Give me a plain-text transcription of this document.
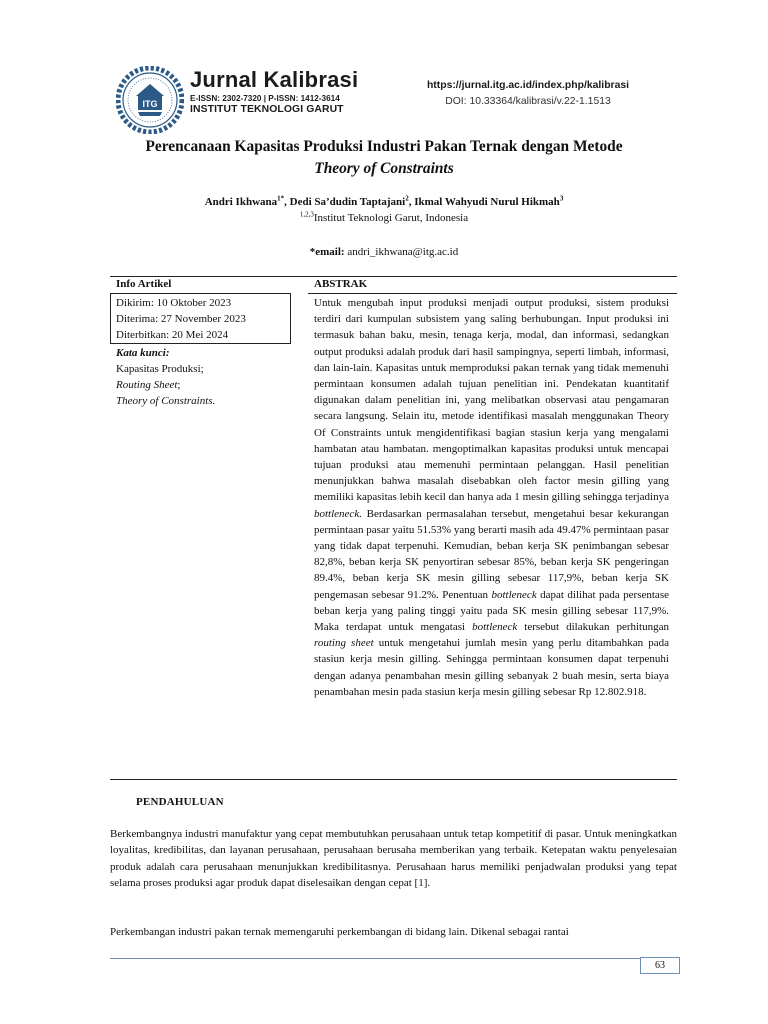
ITG
Jurnal Kalibrasi
E-ISSN: 2302-7320 | P-ISSN: 1412-3614
INSTITUT TEKNOLOGI GARUT
https://jurnal.itg.ac.id/index.php/kalibrasi
DOI: 10.33364/kalibrasi/v.22-1.1513
Perencanaan Kapasitas Produksi Industri Pakan Ternak dengan Metode
Theory of Constraints
Andri Ikhwana$^{1*}$, Dedi Sa’dudin Taptajani$^2$, Ikmal Wahyudi Nurul Hikmah$^3$
$^{1,2,3}$Institut Teknologi Garut, Indonesia
*email: andri_ikhwana@itg.ac.id
Info Artikel	ABSTRAK
Dikirim: 10 Oktober 2023
Diterima: 27 November 2023
Diterbitkan: 20 Mei 2024
Kata kunci:
Kapasitas Produksi;
Routing Sheet;
Theory of Constraints.
Untuk mengubah input produksi menjadi output produksi, sistem produksi terdiri dari kumpulan subsistem yang saling berhubungan. Input produksi ini termasuk bahan baku, mesin, tenaga kerja, modal, dan informasi, sedangkan output produksi adalah produk dari hasil sampingnya, seperti limbah, informasi, dan lain-lain. Kapasitas untuk memproduksi pakan ternak yang tidak memenuhi permintaan konsumen adalah tujuan penelitian ini. Pendekatan kuantitatif digunakan dalam penelitian ini, yang melibatkan observasi atau pengamaran secara langsung. Selain itu, metode identifikasi masalah menggunakan Theory Of Constraints untuk mengidentifikasi bagian stasiun kerja yang mengalami hambatan atau hambatan. mengoptimalkan kapasitas produksi untuk mencapai tujuan produksi atau memenuhi permintaan pelanggan. Hasil penelitian menunjukkan bahwa masalah disebabkan oleh factor mesin gilling yang memiliki kapasitas lebih kecil dan hanya ada 1 mesin gilling sehingga terjadinya bottleneck. Berdasarkan permasalahan tersebut, mengetahui besar kekurangan permintaan pasar yaitu 51.53% yang berarti masih ada 49.47% permintaan pasar yang tidak dapat terpenuhi. Kemudian, beban kerja SK penimbangan sebesar 82,8%, beban kerja SK penyortiran sebesar 85%, beban kerja SK pengeringan 89.4%, beban kerja SK mesin gilling sebesar 117,9%, beban kerja SK pengemasan sebesar 91.2%. Penentuan bottleneck dapat dilihat pada persentase beban kerja yang paling tinggi yaitu pada SK mesin gilling sebesar 117,9%. Maka terdapat untuk mengatasi bottleneck tersebut dilakukan perhitungan routing sheet untuk mengetahui jumlah mesin yang perlu ditambahkan pada stasiun kerja mesin gilling. Sehingga permintaan konsumen dapat terpenuhi dengan adanya penambahan mesin gilling sebanyak 2 buah mesin, serta biaya penambahan mesin pada stasiun kerja mesin gilling sebesar Rp 12.802.918.
PENDAHULUAN
Berkembangnya industri manufaktur yang cepat membutuhkan perusahaan untuk tetap kompetitif di pasar. Untuk meningkatkan loyalitas, kredibilitas, dan layanan perusahaan, perusahaan berusaha memberikan yang terbaik. Ketepatan waktu penyelesaian produk adalah cara perusahaan menunjukkan kredibilitasnya. Perusahaan harus memiliki penjadwalan produksi yang tepat selama proses produksi agar produk dapat diselesaikan dengan cepat [1].
Perkembangan industri pakan ternak memengaruhi perkembangan di bidang lain. Dikenal sebagai rantai
63
